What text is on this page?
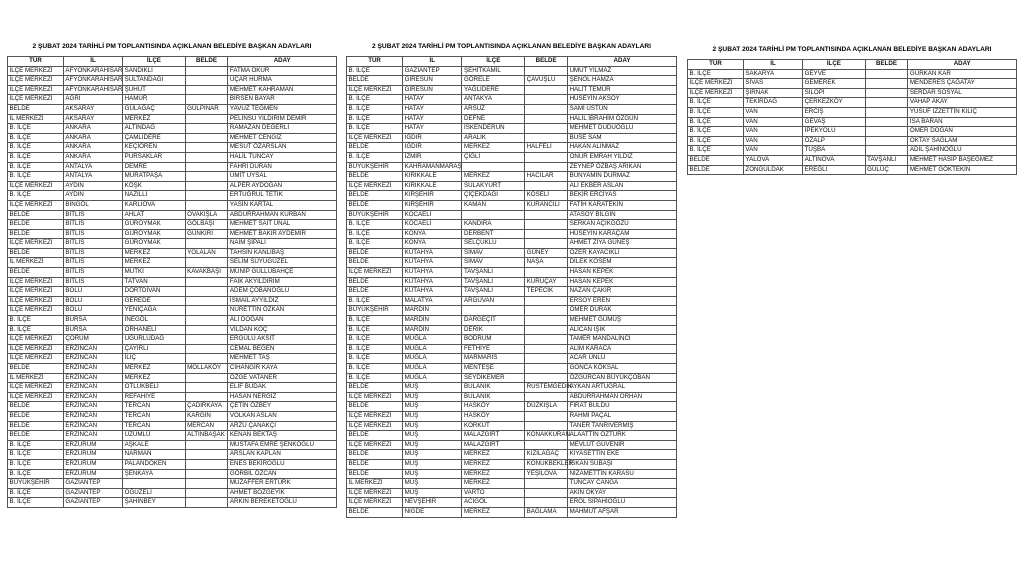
2 ŞUBAT 2024 TARİHLİ PM TOPLANTISINDA AÇIKLANAN BELEDİYE BAŞKAN ADAYLARI
TÜR	İL	İLÇE	BELDE	ADAY
İLÇE MERKEZİ	AFYONKARAHİSAR	SANDIKLI		FATMA OKUR
İLÇE MERKEZİ	AFYONKARAHİSAR	SULTANDAĞI		UÇAR HURMA
İLÇE MERKEZİ	AFYONKARAHİSAR	ŞUHUT		MEHMET KAHRAMAN
İLÇE MERKEZİ	AĞRI	HAMUR		BİRSEN BAYAR
BELDE	AKSARAY	GÜLAĞAÇ	GÜLPINAR	YAVUZ TEĞMEN
İL MERKEZİ	AKSARAY	MERKEZ		PELİNSU YILDIRIM DEMİR
B. İLÇE	ANKARA	ALTINDAĞ		RAMAZAN DEĞERLİ
B. İLÇE	ANKARA	ÇAMLIDERE		MEHMET CENGİZ
B. İLÇE	ANKARA	KEÇİÖREN		MESUT ÖZARSLAN
B. İLÇE	ANKARA	PURSAKLAR		HALİL TUNCAY
B. İLÇE	ANTALYA	DEMRE		FAHRİ DURAN
B. İLÇE	ANTALYA	MURATPAŞA		ÜMİT UYSAL
İLÇE MERKEZİ	AYDIN	KÖŞK		ALPER AYDOĞAN
B. İLÇE	AYDIN	NAZİLLİ		ERTUĞRUL TETİK
İLÇE MERKEZİ	BİNGÖL	KARLIOVA		YASİN KARTAL
BELDE	BİTLİS	AHLAT	OVAKIŞLA	ABDURRAHMAN KURBAN
BELDE	BİTLİS	GÜROYMAK	GÖLBAŞI	MEHMET SAİT ÜNAL
BELDE	BİTLİS	GÜROYMAK	GÜNKIRI	MEHMET BAKIR AYDEMİR
İLÇE MERKEZİ	BİTLİS	GÜROYMAK		NAİM ŞİPALİ
BELDE	BİTLİS	MERKEZ	YOLALAN	TAHSİN KANLIBAŞ
İL MERKEZİ	BİTLİS	MERKEZ		SELİM SUYUGÜZEL
BELDE	BİTLİS	MUTKİ	KAVAKBAŞI	MÜNİP GÜLLÜBAHÇE
İLÇE MERKEZİ	BİTLİS	TATVAN		FAİK AKYILDIRIM
İLÇE MERKEZİ	BOLU	DÖRTDİVAN		ADEM ÇOBANOĞLU
İLÇE MERKEZİ	BOLU	GEREDE		İSMAİL AYYILDIZ
İLÇE MERKEZİ	BOLU	YENİÇAĞA		NURETTİN ÖZKAN
B. İLÇE	BURSA	İNEGÖL		ALİ DOĞAN
B. İLÇE	BURSA	ORHANELİ		VİLDAN KOÇ
İLÇE MERKEZİ	ÇORUM	UĞURLUDAĞ		ERGÜLÜ AKSIT
İLÇE MERKEZİ	ERZİNCAN	ÇAYIRLI		CEMAL BEĞEN
İLÇE MERKEZİ	ERZİNCAN	İLİÇ		MEHMET TAŞ
BELDE	ERZİNCAN	MERKEZ	MOLLAKÖY	CİHANGİR KAYA
İL MERKEZİ	ERZİNCAN	MERKEZ		ÖZGE VATANER
İLÇE MERKEZİ	ERZİNCAN	OTLUKBELİ		ELİF BUDAK
İLÇE MERKEZİ	ERZİNCAN	REFAHİYE		HASAN NERGİZ
BELDE	ERZİNCAN	TERCAN	ÇADIRKAYA	ÇETİN ÖZBEY
BELDE	ERZİNCAN	TERCAN	KARGIN	VOLKAN ASLAN
BELDE	ERZİNCAN	TERCAN	MERCAN	ARZU ÇANAKÇI
BELDE	ERZİNCAN	ÜZÜMLÜ	ALTINBAŞAK	KENAN BEKTAŞ
B. İLÇE	ERZURUM	AŞKALE		MUSTAFA EMRE ŞENKOĞLU
B. İLÇE	ERZURUM	NARMAN		ARSLAN KAPLAN
B. İLÇE	ERZURUM	PALANDÖKEN		ENES BEKİROĞLU
B. İLÇE	ERZURUM	ŞENKAYA		GÖRBİL ÖZCAN
BÜYÜKŞEHİR	GAZİANTEP			MUZAFFER ERTÜRK
B. İLÇE	GAZİANTEP	OĞUZELİ		AHMET BOZGEYİK
B. İLÇE	GAZİANTEP	ŞAHİNBEY		ARKIN BEREKETOĞLU
2 ŞUBAT 2024 TARİHLİ PM TOPLANTISINDA AÇIKLANAN BELEDİYE BAŞKAN ADAYLARI
TÜR	İL	İLÇE	BELDE	ADAY
B. İLÇE	GAZİANTEP	ŞEHİTKAMİL		UMUT YILMAZ
BELDE	GİRESUN	GÖRELE	ÇAVUŞLU	ŞENOL HAMZA
İLÇE MERKEZİ	GİRESUN	YAĞLIDERE		HALİT TEMÜR
B. İLÇE	HATAY	ANTAKYA		HÜSEYİN AKSOY
B. İLÇE	HATAY	ARSUZ		SAMİ ÜSTÜN
B. İLÇE	HATAY	DEFNE		HALİL İBRAHİM ÖZGÜN
B. İLÇE	HATAY	İSKENDERUN		MEHMET DUDUOĞLU
İLÇE MERKEZİ	IĞDIR	ARALIK		BUSE SAM
BELDE	IĞDIR	MERKEZ	HALFELİ	HAKAN ALINMAZ
B. İLÇE	İZMİR	ÇİĞLİ		ONUR EMRAH YILDIZ
BÜYÜKŞEHİR	KAHRAMANMARAŞ			ZEYNEP ÖZBAŞ ARIKAN
BELDE	KIRIKKALE	MERKEZ	HACILAR	BÜNYAMİN DURMAZ
İLÇE MERKEZİ	KIRIKKALE	SULAKYURT		ALİ EKBER ASLAN
BELDE	KIRŞEHİR	ÇİÇEKDAĞI	KÖSELİ	BEKİR ERCİYAS
BELDE	KIRŞEHİR	KAMAN	KURANCILI	FATİH KARATEKİN
BÜYÜKŞEHİR	KOCAELİ			ATASOY BİLGİN
B. İLÇE	KOCAELİ	KANDIRA		SERKAN AÇIKGÖZÜ
B. İLÇE	KONYA	DERBENT		HÜSEYİN KARAÇAM
B. İLÇE	KONYA	SELÇUKLU		AHMET ZİYA GÜNEŞ
BELDE	KÜTAHYA	SİMAV	GÜNEY	ÖZER KAYACIKLI
BELDE	KÜTAHYA	SİMAV	NAŞA	DİLEK KÖSEM
İLÇE MERKEZİ	KÜTAHYA	TAVŞANLI		HASAN KEPEK
BELDE	KÜTAHYA	TAVŞANLI	KURUÇAY	HASAN KEPEK
BELDE	KÜTAHYA	TAVŞANLI	TEPECİK	NAZAN ÇAKIR
B. İLÇE	MALATYA	ARGUVAN		ERSOY EREN
BÜYÜKŞEHİR	MARDİN			ÖMER DURAK
B. İLÇE	MARDİN	DARGEÇİT		MEHMET GÜMÜŞ
B. İLÇE	MARDİN	DERİK		ALİCAN IŞIK
B. İLÇE	MUĞLA	BODRUM		TAMER MANDALİNCİ
B. İLÇE	MUĞLA	FETHİYE		ALİM KARACA
B. İLÇE	MUĞLA	MARMARİS		ACAR ÜNLÜ
B. İLÇE	MUĞLA	MENTEŞE		GONCA KÖKSAL
B. İLÇE	MUĞLA	SEYDİKEMER		ÖZGÜRCAN BÜYÜKÇOBAN
BELDE	MUŞ	BULANIK	RÜSTEMGEDİK	AYKAN ARTUĞRAL
İLÇE MERKEZİ	MUŞ	BULANIK		ABDURRAHMAN ORHAN
BELDE	MUŞ	HASKÖY	DÜZKIŞLA	FIRAT BULDU
İLÇE MERKEZİ	MUŞ	HASKÖY		RAHMİ PAÇAL
İLÇE MERKEZİ	MUŞ	KORKUT		TANER TANRIVERMİŞ
BELDE	MUŞ	MALAZGİRT	KONAKKURAN	ALAATTİN ÖZTÜRK
İLÇE MERKEZİ	MUŞ	MALAZGİRT		MEVLÜT GÜVENİR
BELDE	MUŞ	MERKEZ	KIZILAĞAÇ	KIYASETTİN EKE
BELDE	MUŞ	MERKEZ	KONUKBEKLER	İSKAN SUBAŞI
BELDE	MUŞ	MERKEZ	YEŞİLOVA	NİZAMETTİN KARASU
İL MERKEZİ	MUŞ	MERKEZ		TUNCAY CANGA
İLÇE MERKEZİ	MUŞ	VARTO		AKIN OKYAY
İLÇE MERKEZİ	NEVŞEHİR	ACIGÖL		EROL SİPAHİOĞLU
BELDE	NİĞDE	MERKEZ	BAĞLAMA	MAHMUT AFŞAR
2 ŞUBAT 2024 TARİHLİ PM TOPLANTISINDA AÇIKLANAN BELEDİYE BAŞKAN ADAYLARI
TÜR	İL	İLÇE	BELDE	ADAY
B. İLÇE	SAKARYA	GEYVE		GÜRKAN KAR
İLÇE MERKEZİ	SİVAS	GEMEREK		MENDERES ÇAĞATAY
İLÇE MERKEZİ	ŞIRNAK	SİLOPİ		SERDAR SOSYAL
B. İLÇE	TEKİRDAĞ	ÇERKEZKÖY		VAHAP AKAY
B. İLÇE	VAN	ERCİŞ		YUSUF İZZETTİN KILIÇ
B. İLÇE	VAN	GEVAŞ		İSA BARAN
B. İLÇE	VAN	İPEKYOLU		ÖMER DOĞAN
B. İLÇE	VAN	ÖZALP		OKTAY SAĞLAM
B. İLÇE	VAN	TUŞBA		ADİL ŞAHİNOĞLU
BELDE	YALOVA	ALTINOVA	TAVŞANLI	MEHMET HASİP BAŞEĞMEZ
BELDE	ZONGULDAK	EREĞLİ	GÜLÜÇ	MEHMET GÖKTEKİN
